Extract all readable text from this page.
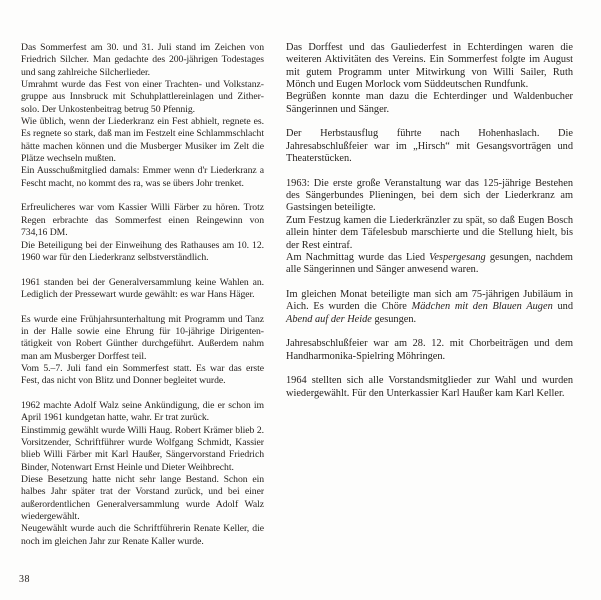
Das Sommerfest am 30. und 31. Juli stand im Zeichen von Friedrich Silcher. Man gedachte des 200-jährigen Todestages und sang zahlreiche Silcherlieder.

Umrahmt wurde das Fest von einer Trachten- und Volkstanzgruppe aus Innsbruck mit Schuhplattlereinlagen und Zithersolo. Der Unkostenbeitrag betrug 50 Pfennig.

Wie üblich, wenn der Liederkranz ein Fest abhielt, regnete es. Es regnete so stark, daß man im Festzelt eine Schlammschlacht hätte machen können und die Musberger Musiker im Zelt die Plätze wechseln mußten.

Ein Ausschußmitglied damals: Emmer wenn d'r Liederkranz a Fescht macht, no kommt des ra, was se übers Johr trenket.

Erfreulicheres war vom Kassier Willi Färber zu hören. Trotz Regen erbrachte das Sommerfest einen Reingewinn von 734,16 DM.

Die Beteiligung bei der Einweihung des Rathauses am 10. 12. 1960 war für den Liederkranz selbstverständlich.

1961 standen bei der Generalversammlung keine Wahlen an. Lediglich der Pressewart wurde gewählt: es war Hans Häger.

Es wurde eine Frühjahrsunterhaltung mit Programm und Tanz in der Halle sowie eine Ehrung für 10-jährige Dirigententätigkeit von Robert Günther durchgeführt. Außerdem nahm man am Musberger Dorffest teil.

Vom 5.–7. Juli fand ein Sommerfest statt. Es war das erste Fest, das nicht von Blitz und Donner begleitet wurde.

1962 machte Adolf Walz seine Ankündigung, die er schon im April 1961 kundgetan hatte, wahr. Er trat zurück.

Einstimmig gewählt wurde Willi Haug. Robert Krämer blieb 2. Vorsitzender, Schriftführer wurde Wolfgang Schmidt, Kassier blieb Willi Färber mit Karl Haußer, Sängervorstand Friedrich Binder, Notenwart Ernst Heinle und Dieter Weihbrecht.

Diese Besetzung hatte nicht sehr lange Bestand. Schon ein halbes Jahr später trat der Vorstand zurück, und bei einer außerordentlichen Generalversammlung wurde Adolf Walz wiedergewählt.

Neugewählt wurde auch die Schriftführerin Renate Keller, die noch im gleichen Jahr zur Renate Kaller wurde.

Das Dorffest und das Gauliederfest in Echterdingen waren die weiteren Aktivitäten des Vereins. Ein Sommerfest folgte im August mit gutem Programm unter Mitwirkung von Willi Sailer, Ruth Mönch und Eugen Morlock vom Süddeutschen Rundfunk.

Begrüßen konnte man dazu die Echterdinger und Waldenbucher Sängerinnen und Sänger.

Der Herbstausflug führte nach Hohenhaslach. Die Jahresabschlußfeier war im „Hirsch“ mit Gesangsvorträgen und Theaterstücken.

1963: Die erste große Veranstaltung war das 125-jährige Bestehen des Sängerbundes Plieningen, bei dem sich der Liederkranz am Gastsingen beteiligte.

Zum Festzug kamen die Liederkränzler zu spät, so daß Eugen Bosch allein hinter dem Täfelesbub marschierte und die Stellung hielt, bis der Rest eintraf.

Am Nachmittag wurde das Lied Vespergesang gesungen, nachdem alle Sängerinnen und Sänger anwesend waren.

Im gleichen Monat beteiligte man sich am 75-jährigen Jubiläum in Aich. Es wurden die Chöre Mädchen mit den Blauen Augen und Abend auf der Heide gesungen.

Jahresabschlußfeier war am 28. 12. mit Chorbeiträgen und dem Handharmonika-Spielring Möhringen.

1964 stellten sich alle Vorstandsmitglieder zur Wahl und wurden wiedergewählt. Für den Unterkassier Karl Haußer kam Karl Keller.

38
